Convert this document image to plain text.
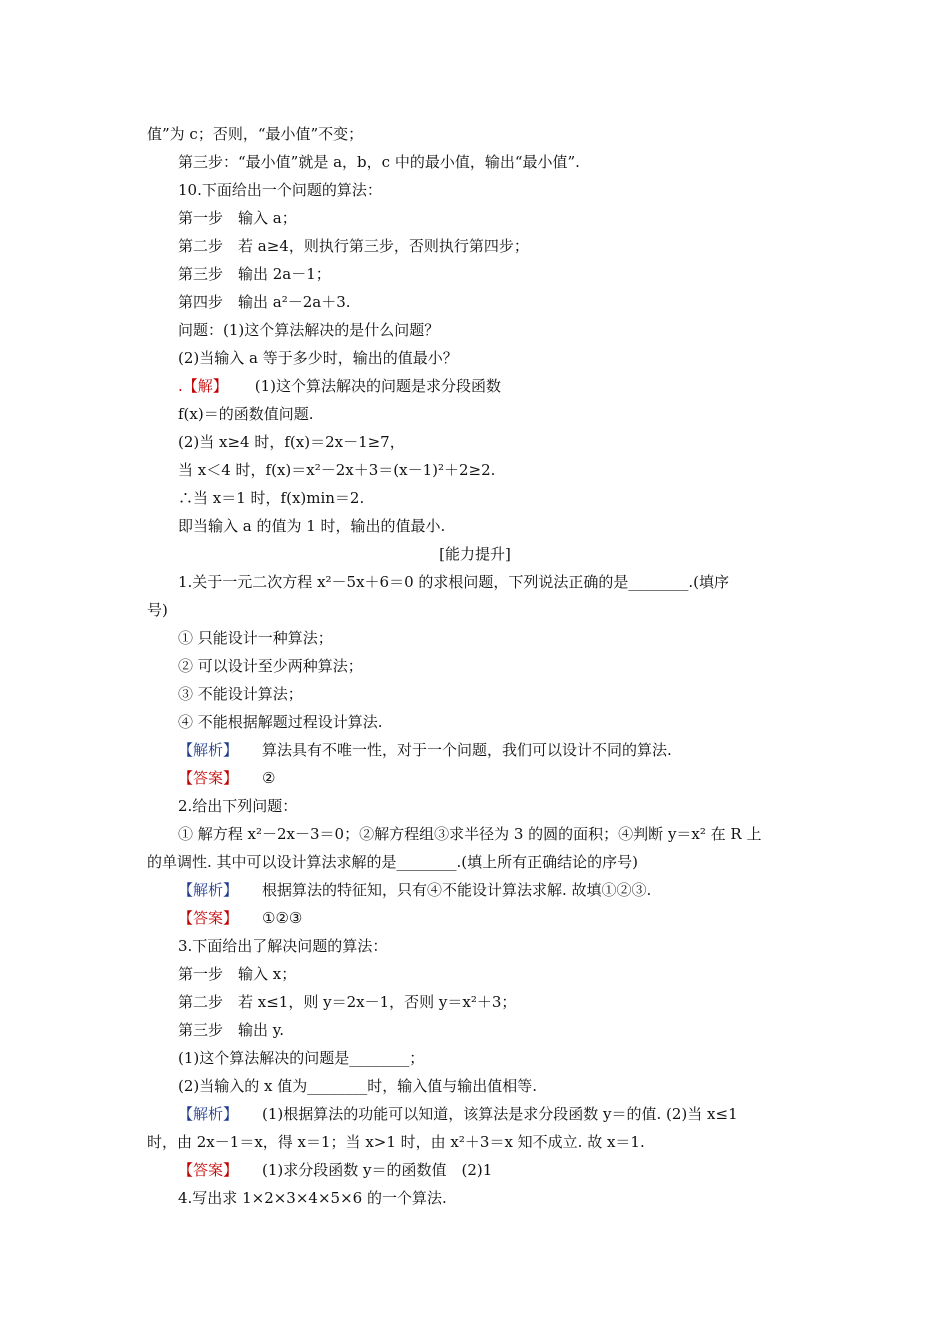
值”为 c；否则，“最小值”不变；
第三步：“最小值”就是 a，b，c 中的最小值，输出“最小值”.
10.下面给出一个问题的算法：
第一步　输入 a；
第二步　若 a≥4，则执行第三步，否则执行第四步；
第三步　输出 2a－1；
第四步　输出 a²－2a＋3.
问题：(1)这个算法解决的是什么问题？
(2)当输入 a 等于多少时，输出的值最小？
.【解】 (1)这个算法解决的问题是求分段函数
f(x)＝的函数值问题.
(2)当 x≥4 时，f(x)＝2x－1≥7，
当 x＜4 时，f(x)＝x²－2x＋3＝(x－1)²＋2≥2.
∴当 x＝1 时，f(x)min＝2.
即当输入 a 的值为 1 时，输出的值最小.
[能力提升]
1.关于一元二次方程 x²－5x＋6＝0 的求根问题，下列说法正确的是________.(填序
号)
① 只能设计一种算法；
② 可以设计至少两种算法；
③ 不能设计算法；
④ 不能根据解题过程设计算法.
【解析】 算法具有不唯一性，对于一个问题，我们可以设计不同的算法.
【答案】 ②
2.给出下列问题：
① 解方程 x²－2x－3＝0；②解方程组③求半径为 3 的圆的面积；④判断 y＝x² 在 R 上
的单调性. 其中可以设计算法求解的是________.(填上所有正确结论的序号)
【解析】 根据算法的特征知，只有④不能设计算法求解. 故填①②③.
【答案】 ①②③
3.下面给出了解决问题的算法：
第一步　输入 x；
第二步　若 x≤1，则 y＝2x－1，否则 y＝x²＋3；
第三步　输出 y.
(1)这个算法解决的问题是________；
(2)当输入的 x 值为________时，输入值与输出值相等.
【解析】 (1)根据算法的功能可以知道，该算法是求分段函数 y＝的值. (2)当 x≤1
时，由 2x－1＝x，得 x＝1；当 x>1 时，由 x²＋3＝x 知不成立. 故 x＝1.
【答案】 (1)求分段函数 y＝的函数值　(2)1
4.写出求 1×2×3×4×5×6 的一个算法.
